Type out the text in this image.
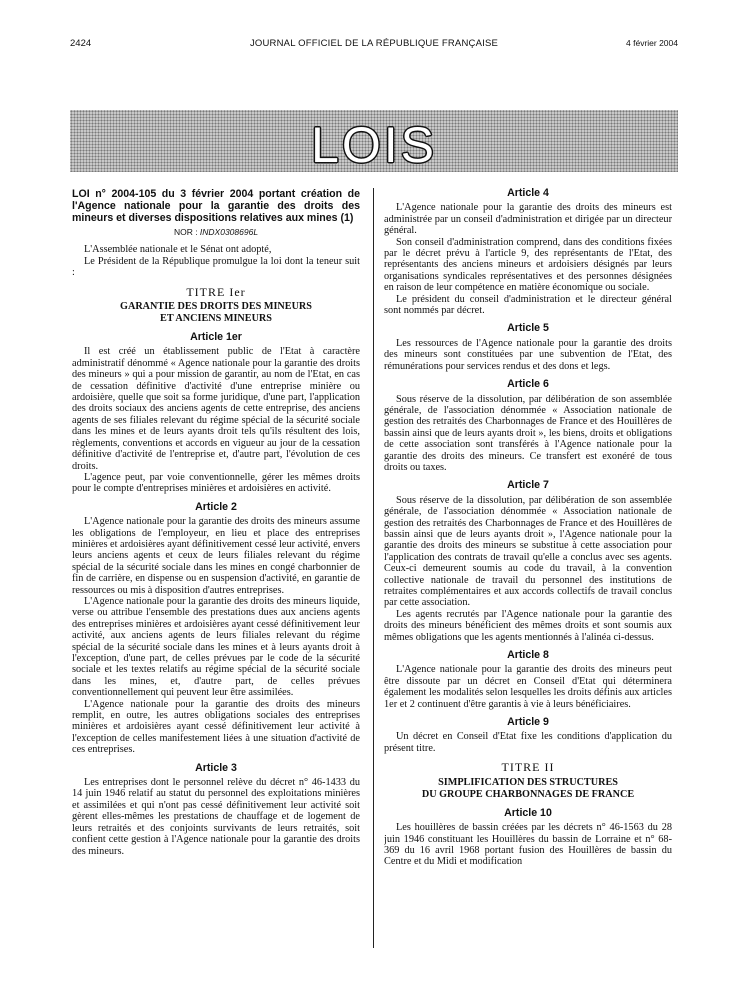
2424	JOURNAL OFFICIEL DE LA RÉPUBLIQUE FRANÇAISE	4 février 2004
LOIS

LOI n° 2004-105 du 3 février 2004 portant création de l'Agence nationale pour la garantie des droits des mineurs et diverses dispositions relatives aux mines (1)

NOR : INDX0308696L

L'Assemblée nationale et le Sénat ont adopté,

Le Président de la République promulgue la loi dont la teneur suit :

TITRE Ier
GARANTIE DES DROITS DES MINEURS
ET ANCIENS MINEURS
Article 1er

Il est créé un établissement public de l'Etat à caractère administratif dénommé « Agence nationale pour la garantie des droits des mineurs » qui a pour mission de garantir, au nom de l'Etat, en cas de cessation définitive d'activité d'une entreprise minière ou ardoisière, quelle que soit sa forme juridique, d'une part, l'application des droits sociaux des anciens agents de cette entreprise, des anciens agents de ses filiales relevant du régime spécial de la sécurité sociale dans les mines et de leurs ayants droit tels qu'ils résultent des lois, règlements, conventions et accords en vigueur au jour de la cessation définitive d'activité de l'entreprise et, d'autre part, l'évolution de ces droits.

L'agence peut, par voie conventionnelle, gérer les mêmes droits pour le compte d'entreprises minières et ardoisières en activité.

Article 2

L'Agence nationale pour la garantie des droits des mineurs assume les obligations de l'employeur, en lieu et place des entreprises minières et ardoisières ayant définitivement cessé leur activité, envers leurs anciens agents et ceux de leurs filiales relevant du régime spécial de la sécurité sociale dans les mines en congé charbonnier de fin de carrière, en dispense ou en suspension d'activité, en garantie de ressources ou mis à disposition d'autres entreprises.

L'Agence nationale pour la garantie des droits des mineurs liquide, verse ou attribue l'ensemble des prestations dues aux anciens agents des entreprises minières et ardoisières ayant cessé définitivement leur activité, aux anciens agents de leurs filiales relevant du régime spécial de la sécurité sociale dans les mines et à leurs ayants droit à l'exception, d'une part, de celles prévues par le code de la sécurité sociale et les textes relatifs au régime spécial de la sécurité sociale dans les mines, et, d'autre part, de celles prévues conventionnellement qui peuvent leur être assimilées.

L'Agence nationale pour la garantie des droits des mineurs remplit, en outre, les autres obligations sociales des entreprises minières et ardoisières ayant cessé définitivement leur activité à l'exception de celles manifestement liées à une situation d'activité de ces entreprises.

Article 3

Les entreprises dont le personnel relève du décret n° 46-1433 du 14 juin 1946 relatif au statut du personnel des exploitations minières et assimilées et qui n'ont pas cessé définitivement leur activité soit gèrent elles-mêmes les prestations de chauffage et de logement de leurs retraités et des conjoints survivants de leurs retraités, soit confient cette gestion à l'Agence nationale pour la garantie des droits des mineurs.

Article 4

L'Agence nationale pour la garantie des droits des mineurs est administrée par un conseil d'administration et dirigée par un directeur général.

Son conseil d'administration comprend, dans des conditions fixées par le décret prévu à l'article 9, des représentants de l'Etat, des représentants des anciens mineurs et ardoisiers désignés par leurs organisations syndicales représentatives et des personnes désignées en raison de leur compétence en matière économique ou sociale.

Le président du conseil d'administration et le directeur général sont nommés par décret.

Article 5

Les ressources de l'Agence nationale pour la garantie des droits des mineurs sont constituées par une subvention de l'Etat, des rémunérations pour services rendus et des dons et legs.

Article 6

Sous réserve de la dissolution, par délibération de son assemblée générale, de l'association dénommée « Association nationale de gestion des retraités des Charbonnages de France et des Houillères de bassin ainsi que de leurs ayants droit », les biens, droits et obligations de cette association sont transférés à l'Agence nationale pour la garantie des droits des mineurs. Ce transfert est exonéré de tous droits ou taxes.

Article 7

Sous réserve de la dissolution, par délibération de son assemblée générale, de l'association dénommée « Association nationale de gestion des retraités des Charbonnages de France et des Houillères de bassin ainsi que de leurs ayants droit », l'Agence nationale pour la garantie des droits des mineurs se substitue à cette association pour l'application des contrats de travail qu'elle a conclus avec ses agents. Ceux-ci demeurent soumis au code du travail, à la convention collective nationale de travail du personnel des institutions de retraites complémentaires et aux accords collectifs de travail conclus par cette association.

Les agents recrutés par l'Agence nationale pour la garantie des droits des mineurs bénéficient des mêmes droits et sont soumis aux mêmes obligations que les agents mentionnés à l'alinéa ci-dessus.

Article 8

L'Agence nationale pour la garantie des droits des mineurs peut être dissoute par un décret en Conseil d'Etat qui déterminera également les modalités selon lesquelles les droits définis aux articles 1er et 2 continuent d'être garantis à vie à leurs bénéficiaires.

Article 9

Un décret en Conseil d'Etat fixe les conditions d'application du présent titre.

TITRE II
SIMPLIFICATION DES STRUCTURES
DU GROUPE CHARBONNAGES DE FRANCE
Article 10

Les houillères de bassin créées par les décrets n° 46-1563 du 28 juin 1946 constituant les Houillères du bassin de Lorraine et n° 68-369 du 16 avril 1968 portant fusion des Houillères de bassin du Centre et du Midi et modification
